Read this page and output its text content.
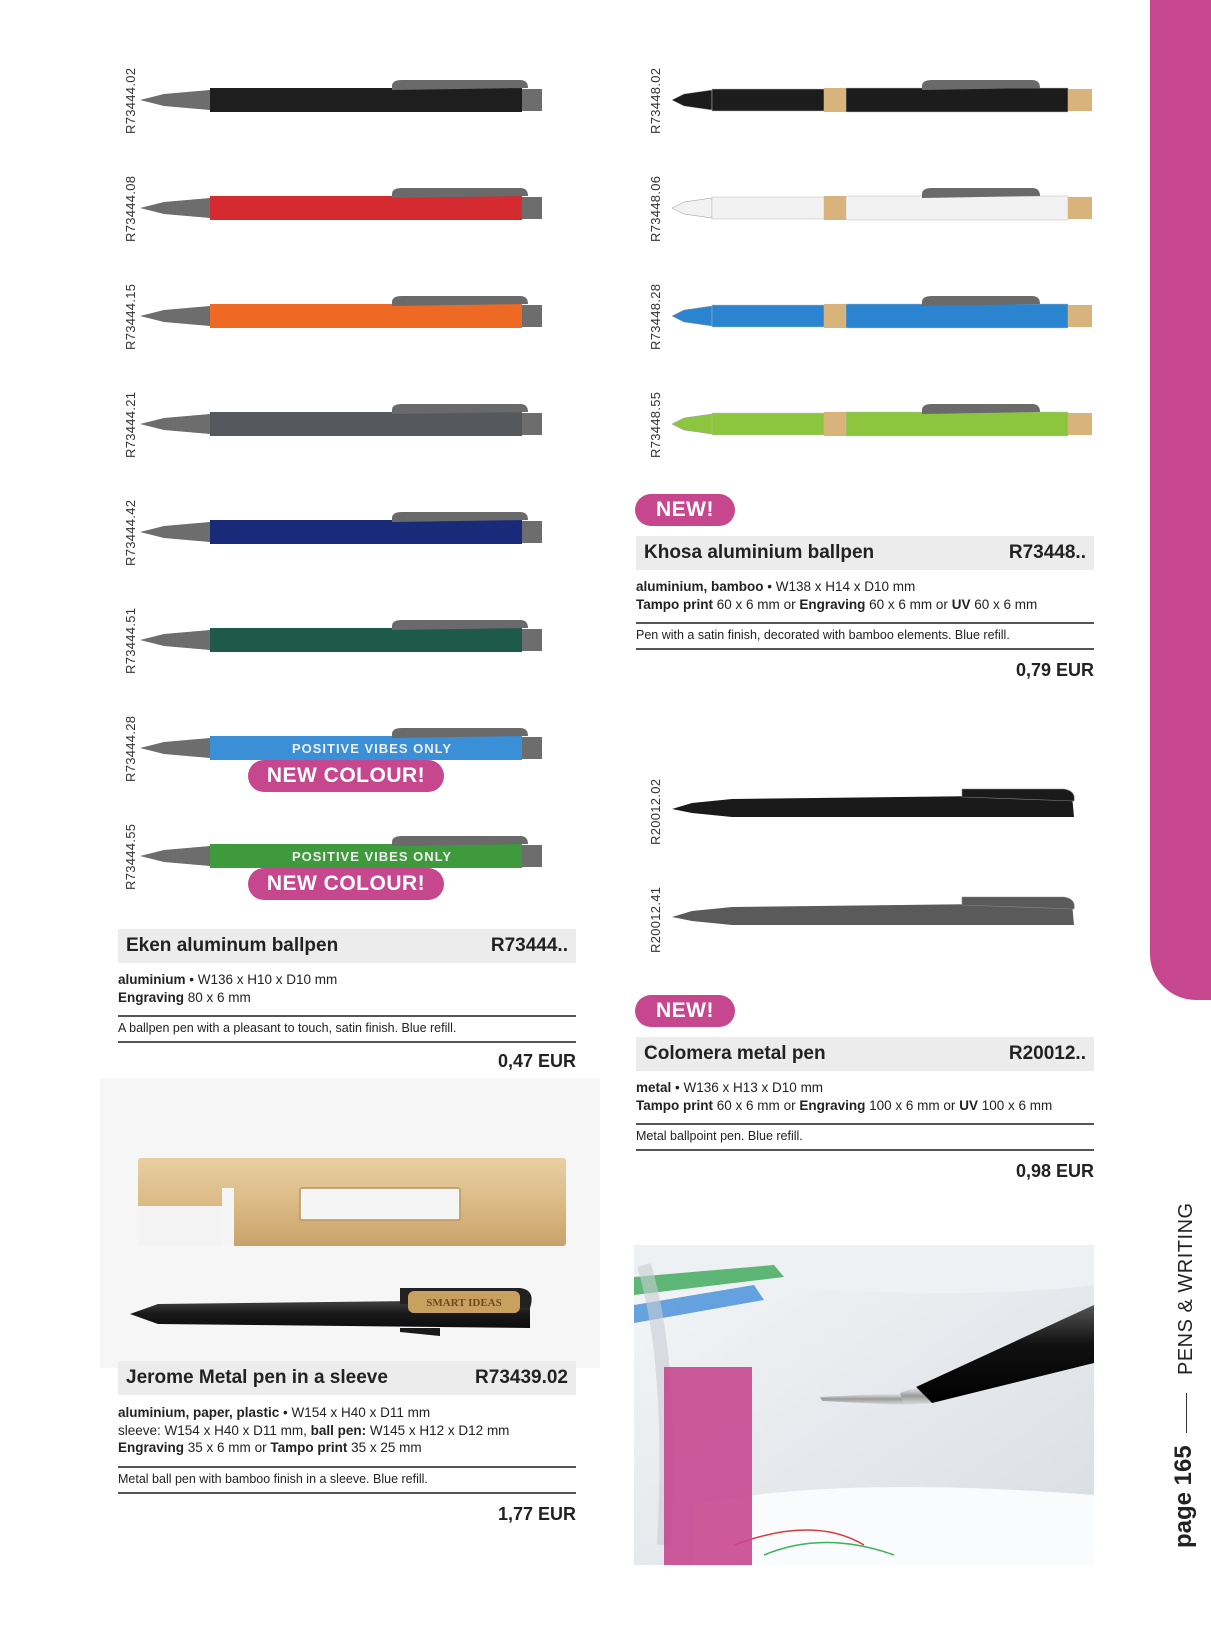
PENS & WRITING
page 165
R73444.02
R73444.08
R73444.15
R73444.21
R73444.42
R73444.51
R73444.28	POSITIVE VIBES ONLY
R73444.55	POSITIVE VIBES ONLY
NEW COLOUR!
NEW COLOUR!
Eken aluminum ballpen	R73444..
aluminium • W136 x H10 x D10 mm
Engraving 80 x 6 mm
A ballpen pen with a pleasant to touch, satin finish. Blue refill.
0,47 EUR
R73448.02
R73448.06
R73448.28
R73448.55
NEW!
Khosa aluminium ballpen	R73448..
aluminium, bamboo • W138 x H14 x D10 mm
Tampo print 60 x 6 mm or Engraving 60 x 6 mm or UV 60 x 6 mm
Pen with a satin finish, decorated with bamboo elements. Blue refill.
0,79 EUR
R20012.02
R20012.41
NEW!
Colomera metal pen	R20012..
metal • W136 x H13 x D10 mm
Tampo print 60 x 6 mm or Engraving 100 x 6 mm or UV 100 x 6 mm
Metal ballpoint pen. Blue refill.
0,98 EUR
SMART IDEAS
Jerome Metal pen in a sleeve	R73439.02
aluminium, paper, plastic • W154 x H40 x D11 mm
sleeve: W154 x H40 x D11 mm, ball pen: W145 x H12 x D12 mm
Engraving 35 x 6 mm or Tampo print 35 x 25 mm
Metal ball pen with bamboo finish in a sleeve. Blue refill.
1,77 EUR
